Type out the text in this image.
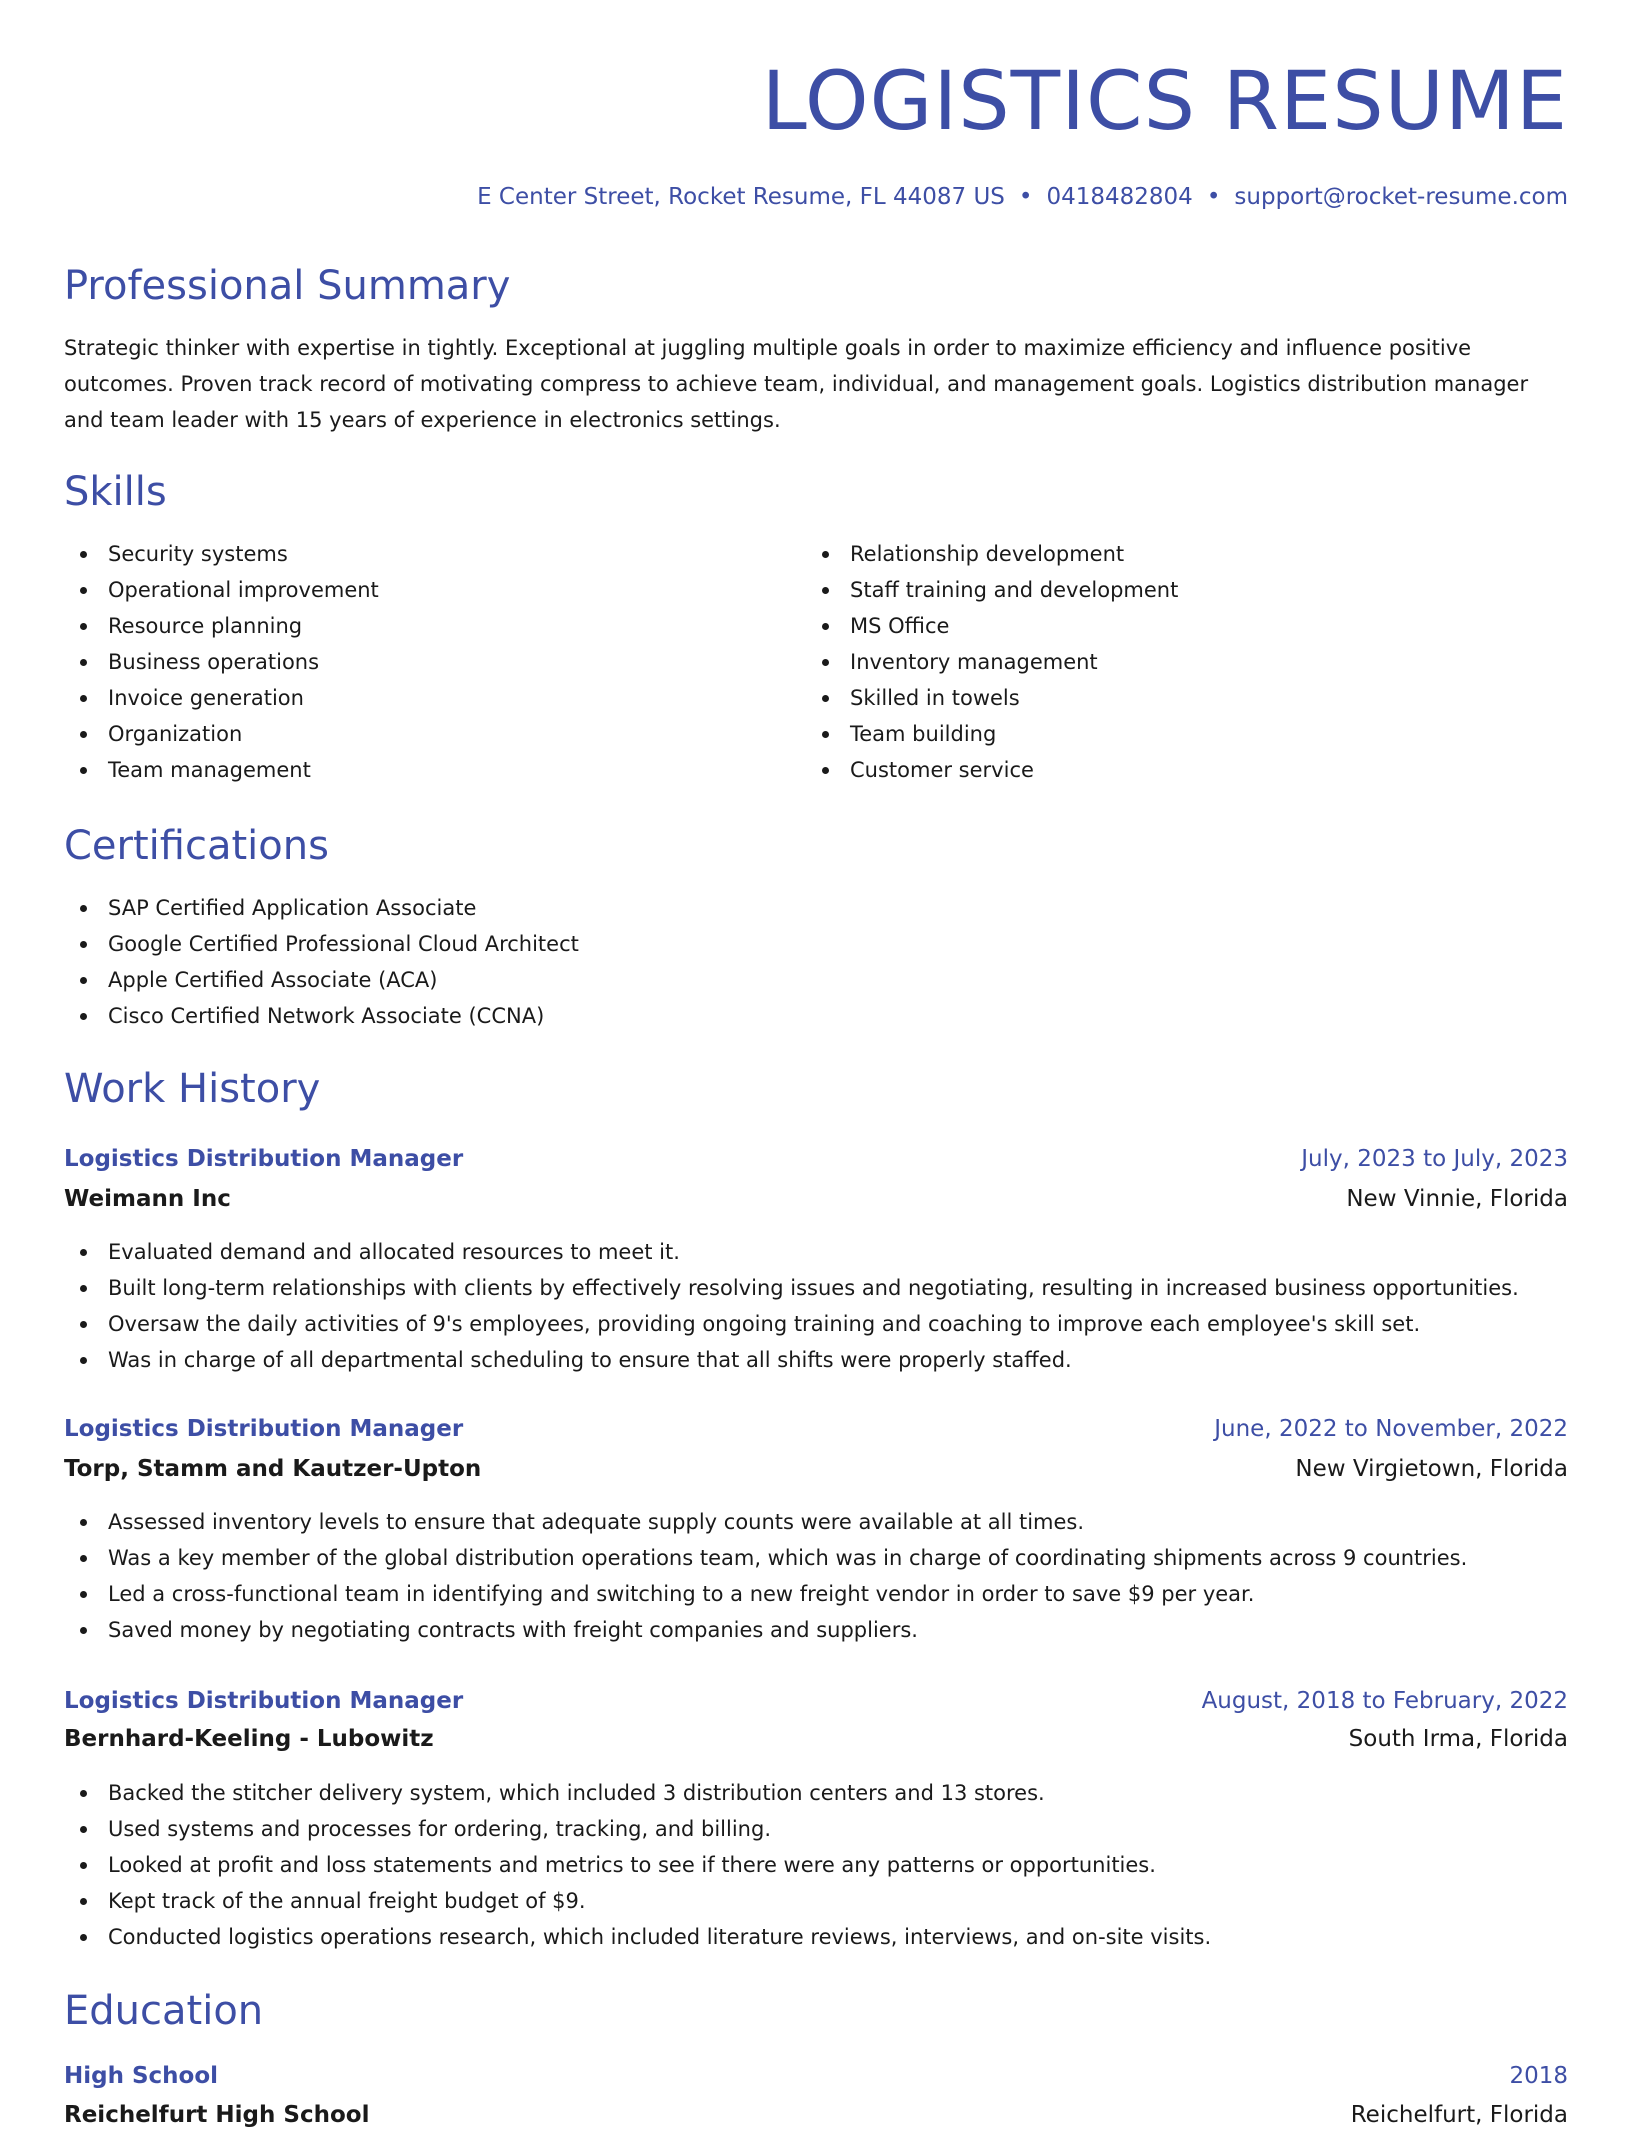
LOGISTICS RESUME
E Center Street, Rocket Resume, FL 44087 US • 0418482804 • support@rocket-resume.com
Professional Summary

Strategic thinker with expertise in tightly. Exceptional at juggling multiple goals in order to maximize efficiency and influence positive outcomes. Proven track record of motivating compress to achieve team, individual, and management goals. Logistics distribution manager and team leader with 15 years of experience in electronics settings.

Skills
Security systems
Operational improvement
Resource planning
Business operations
Invoice generation
Organization
Team management
Relationship development
Staff training and development
MS Office
Inventory management
Skilled in towels
Team building
Customer service
Certifications
SAP Certified Application Associate
Google Certified Professional Cloud Architect
Apple Certified Associate (ACA)
Cisco Certified Network Associate (CCNA)
Work History
Logistics Distribution Manager	July, 2023 to July, 2023
Weimann Inc	New Vinnie, Florida
Evaluated demand and allocated resources to meet it.
Built long-term relationships with clients by effectively resolving issues and negotiating, resulting in increased business opportunities.
Oversaw the daily activities of 9's employees, providing ongoing training and coaching to improve each employee's skill set.
Was in charge of all departmental scheduling to ensure that all shifts were properly staffed.
Logistics Distribution Manager	June, 2022 to November, 2022
Torp, Stamm and Kautzer-Upton	New Virgietown, Florida
Assessed inventory levels to ensure that adequate supply counts were available at all times.
Was a key member of the global distribution operations team, which was in charge of coordinating shipments across 9 countries.
Led a cross-functional team in identifying and switching to a new freight vendor in order to save $9 per year.
Saved money by negotiating contracts with freight companies and suppliers.
Logistics Distribution Manager	August, 2018 to February, 2022
Bernhard-Keeling - Lubowitz	South Irma, Florida
Backed the stitcher delivery system, which included 3 distribution centers and 13 stores.
Used systems and processes for ordering, tracking, and billing.
Looked at profit and loss statements and metrics to see if there were any patterns or opportunities.
Kept track of the annual freight budget of $9.
Conducted logistics operations research, which included literature reviews, interviews, and on-site visits.
Education
High School	2018
Reichelfurt High School	Reichelfurt, Florida
